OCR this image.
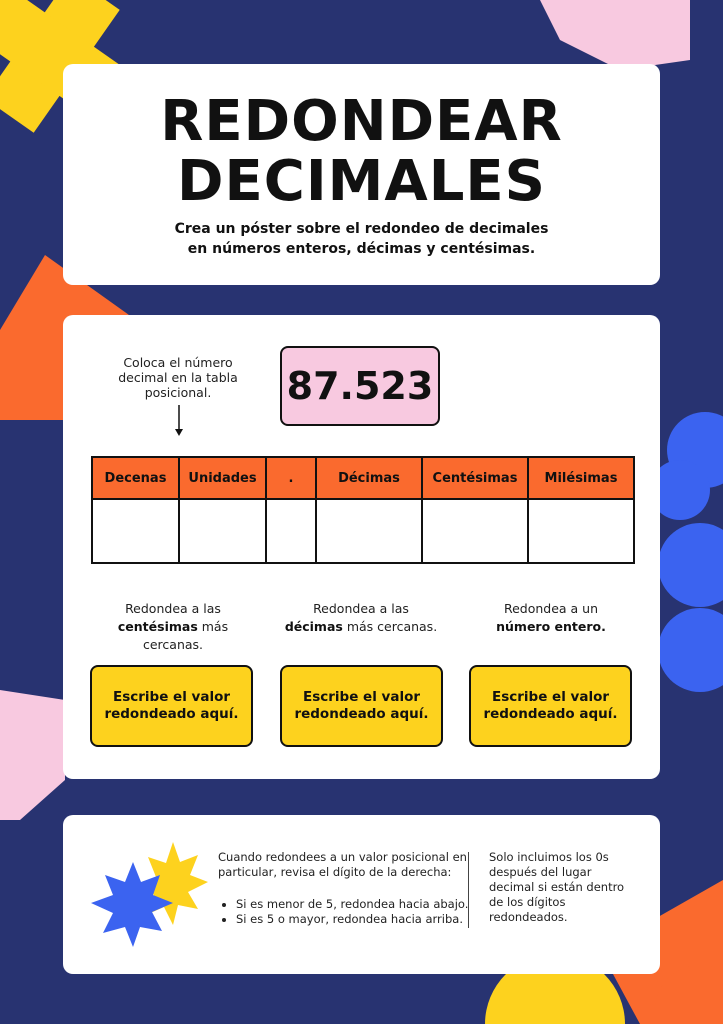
REDONDEAR
DECIMALES
Crea un póster sobre el redondeo de decimales
en números enteros, décimas y centésimas.
Coloca el número decimal en la tabla posicional.	87.523
Decenas	Unidades	.	Décimas	Centésimas	Milésimas

Redondea a las
centésimas más cercanas.
Redondea a las
décimas más cercanas.
Redondea a un
número entero.
Escribe el valor redondeado aquí.
Escribe el valor redondeado aquí.
Escribe el valor redondeado aquí.
Cuando redondees a un valor posicional en particular, revisa el dígito de la derecha:
• Si es menor de 5, redondea hacia abajo.
• Si es 5 o mayor, redondea hacia arriba.
Solo incluimos los 0s después del lugar decimal si están dentro de los dígitos redondeados.
